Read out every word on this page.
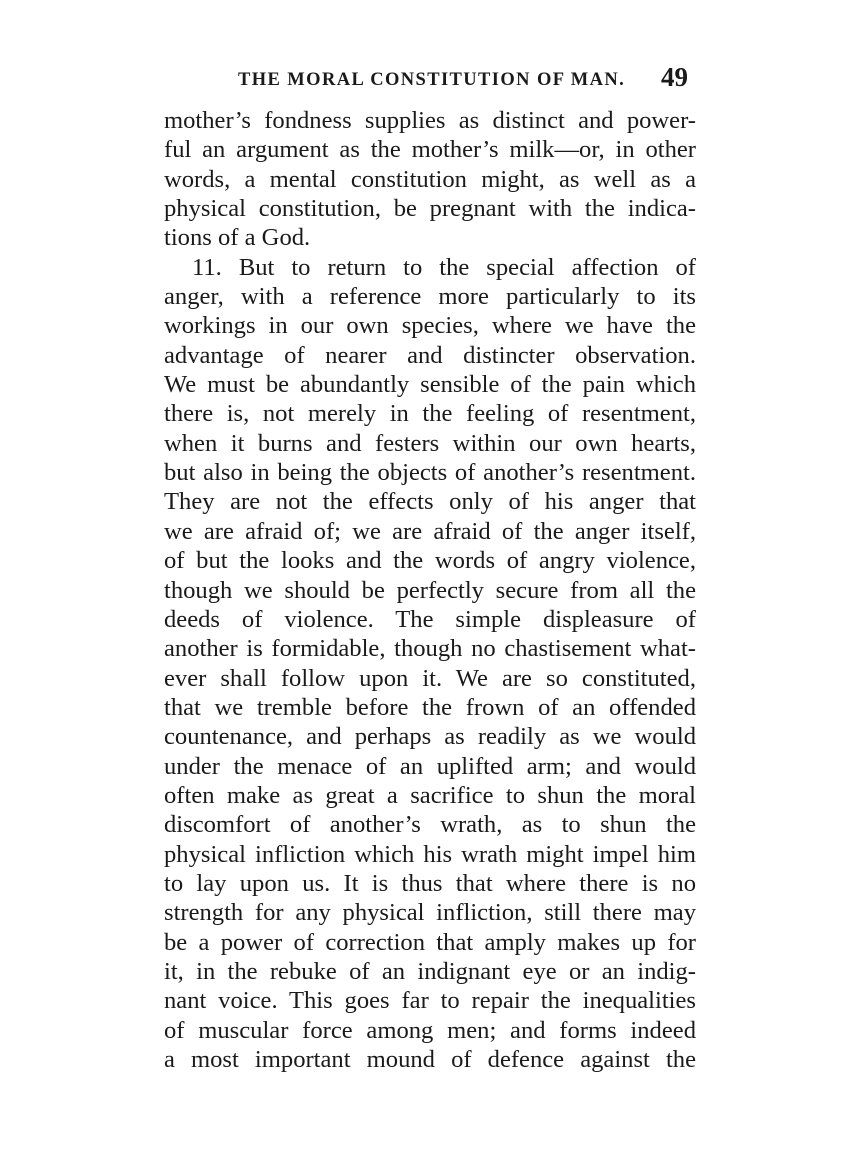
THE MORAL CONSTITUTION OF MAN. 49
mother’s fondness supplies as distinct and power-
ful an argument as the mother’s milk—or, in other
words, a mental constitution might, as well as a
physical constitution, be pregnant with the indica-
tions of a God.
11. But to return to the special affection of
anger, with a reference more particularly to its
workings in our own species, where we have the
advantage of nearer and distincter observation.
We must be abundantly sensible of the pain which
there is, not merely in the feeling of resentment,
when it burns and festers within our own hearts,
but also in being the objects of another’s resentment.
They are not the effects only of his anger that
we are afraid of; we are afraid of the anger itself,
of but the looks and the words of angry violence,
though we should be perfectly secure from all the
deeds of violence. The simple displeasure of
another is formidable, though no chastisement what-
ever shall follow upon it. We are so constituted,
that we tremble before the frown of an offended
countenance, and perhaps as readily as we would
under the menace of an uplifted arm; and would
often make as great a sacrifice to shun the moral
discomfort of another’s wrath, as to shun the
physical infliction which his wrath might impel him
to lay upon us. It is thus that where there is no
strength for any physical infliction, still there may
be a power of correction that amply makes up for
it, in the rebuke of an indignant eye or an indig-
nant voice. This goes far to repair the inequalities
of muscular force among men; and forms indeed
a most important mound of defence against the
